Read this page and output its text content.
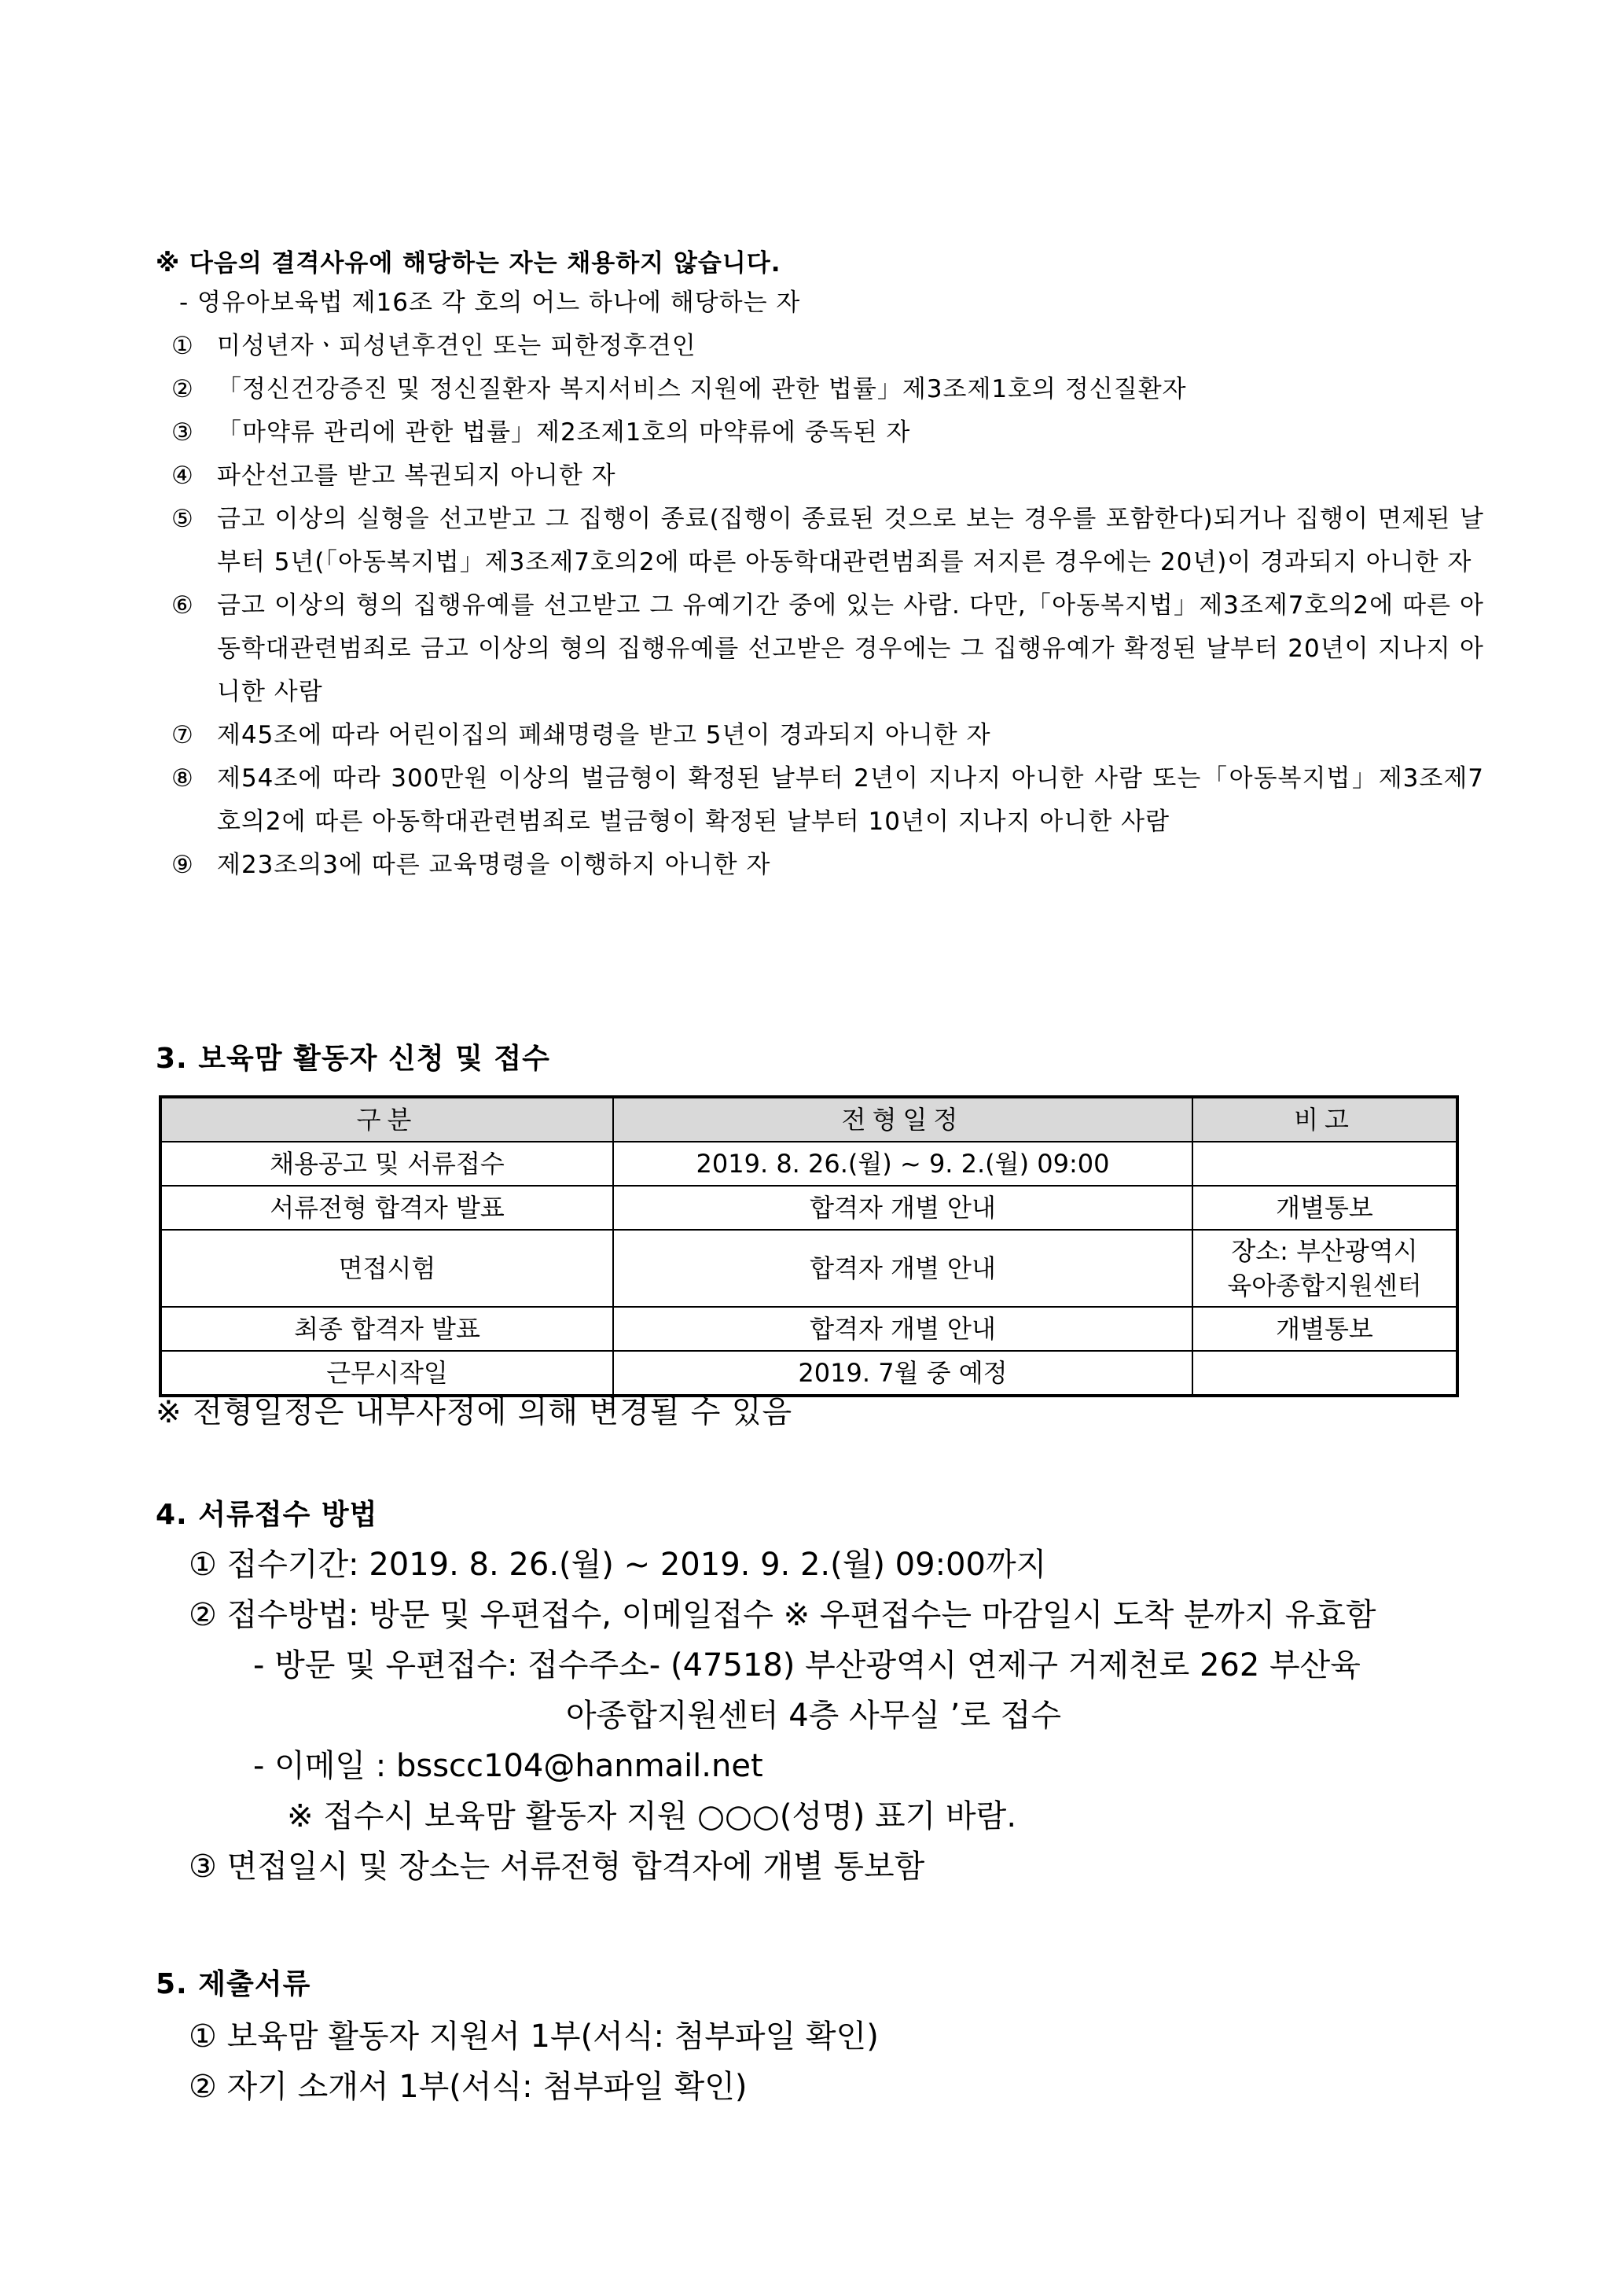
※ 다음의 결격사유에 해당하는 자는 채용하지 않습니다.
- 영유아보육법 제16조 각 호의 어느 하나에 해당하는 자
① 미성년자ㆍ피성년후견인 또는 피한정후견인
② 「정신건강증진 및 정신질환자 복지서비스 지원에 관한 법률」제3조제1호의 정신질환자
③ 「마약류 관리에 관한 법률」제2조제1호의 마약류에 중독된 자
④ 파산선고를 받고 복권되지 아니한 자
⑤ 금고 이상의 실형을 선고받고 그 집행이 종료(집행이 종료된 것으로 보는 경우를 포함한다)되거나 집행이 면제된 날부터 5년(「아동복지법」제3조제7호의2에 따른 아동학대관련범죄를 저지른 경우에는 20년)이 경과되지 아니한 자
⑥ 금고 이상의 형의 집행유예를 선고받고 그 유예기간 중에 있는 사람. 다만,「아동복지법」제3조제7호의2에 따른 아동학대관련범죄로 금고 이상의 형의 집행유예를 선고받은 경우에는 그 집행유예가 확정된 날부터 20년이 지나지 아니한 사람
⑦ 제45조에 따라 어린이집의 폐쇄명령을 받고 5년이 경과되지 아니한 자
⑧ 제54조에 따라 300만원 이상의 벌금형이 확정된 날부터 2년이 지나지 아니한 사람 또는「아동복지법」제3조제7호의2에 따른 아동학대관련범죄로 벌금형이 확정된 날부터 10년이 지나지 아니한 사람
⑨ 제23조의3에 따른 교육명령을 이행하지 아니한 자
3. 보육맘 활동자 신청 및 접수
구분	전형일정	비고
채용공고 및 서류접수	2019. 8. 26.(월) ~ 9. 2.(월) 09:00	
서류전형 합격자 발표	합격자 개별 안내	개별통보
면접시험	합격자 개별 안내	장소: 부산광역시
육아종합지원센터
최종 합격자 발표	합격자 개별 안내	개별통보
근무시작일	2019. 7월 중 예정	
※ 전형일정은 내부사정에 의해 변경될 수 있음
4. 서류접수 방법
① 접수기간: 2019. 8. 26.(월) ~ 2019. 9. 2.(월) 09:00까지
② 접수방법: 방문 및 우편접수, 이메일접수 ※ 우편접수는 마감일시 도착 분까지 유효함
- 방문 및 우편접수: 접수주소- (47518) 부산광역시 연제구 거제천로 262 부산육
아종합지원센터 4층 사무실 ’로 접수
- 이메일 : bsscc104@hanmail.net
※ 접수시 보육맘 활동자 지원 ○○○(성명) 표기 바람.
③ 면접일시 및 장소는 서류전형 합격자에 개별 통보함
5. 제출서류
① 보육맘 활동자 지원서 1부(서식: 첨부파일 확인)
② 자기 소개서 1부(서식: 첨부파일 확인)
